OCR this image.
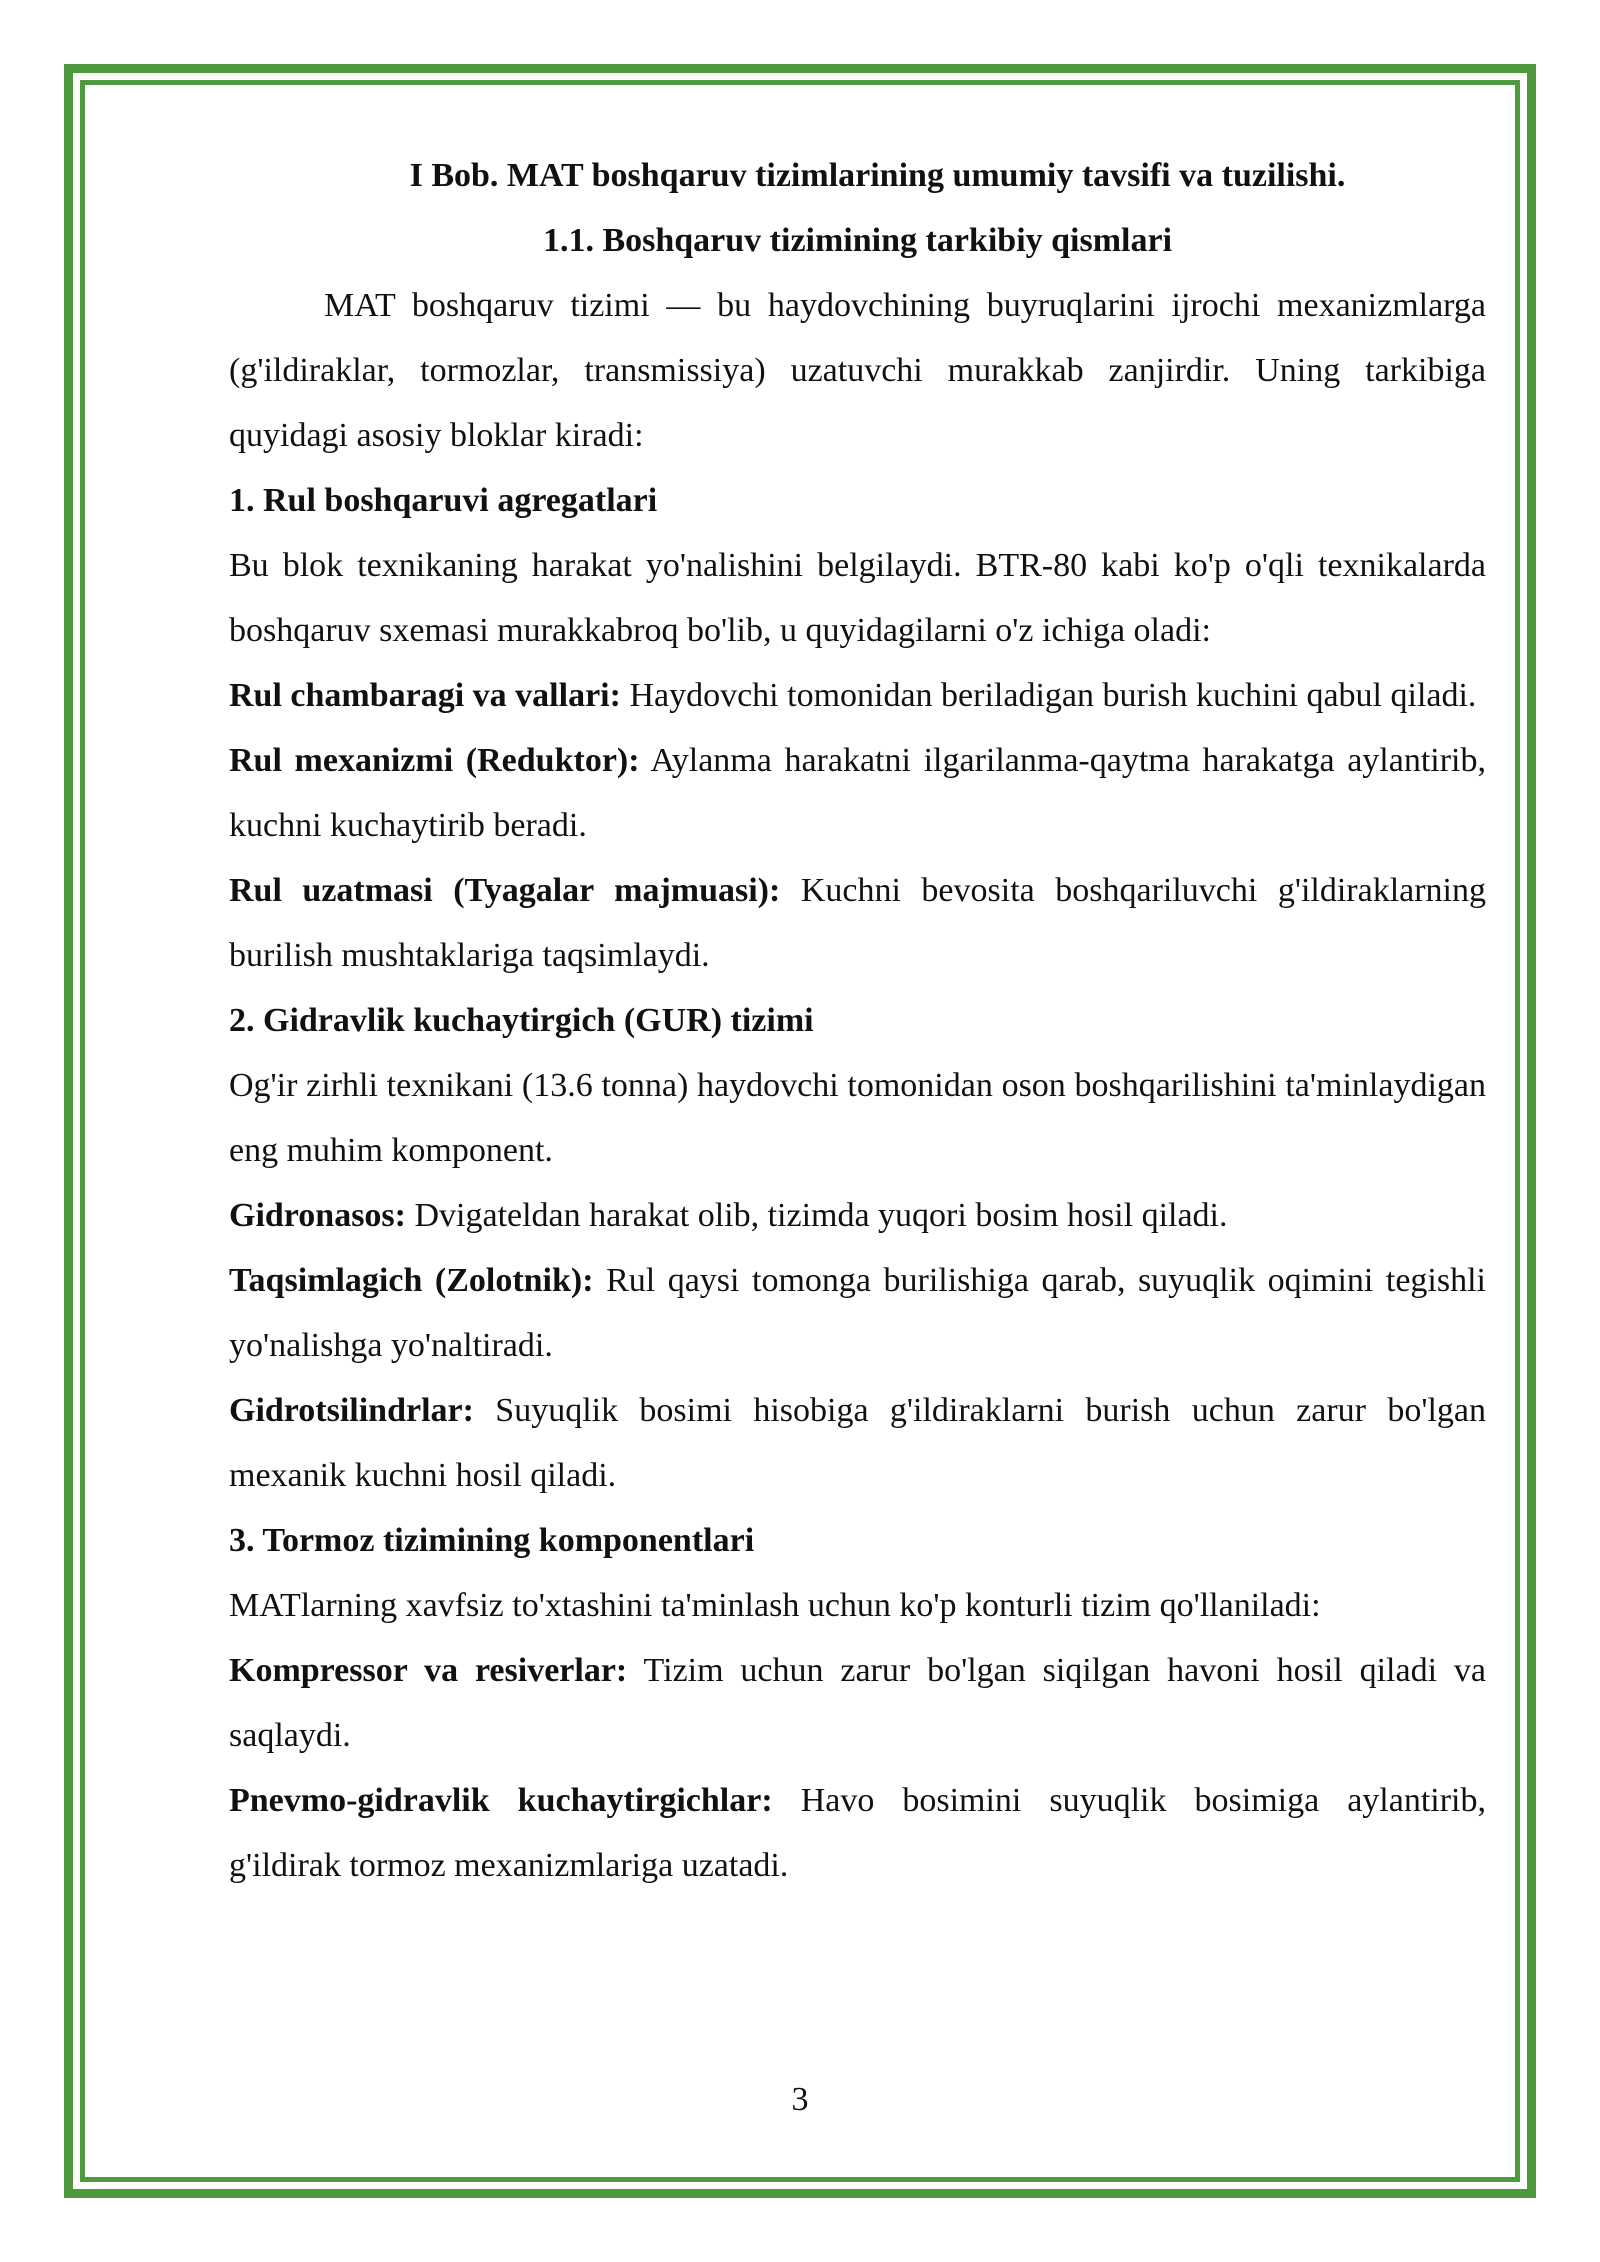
I Bob. MAT boshqaruv tizimlarining umumiy tavsifi va tuzilishi.

1.1. Boshqaruv tizimining tarkibiy qismlari

MAT boshqaruv tizimi — bu haydovchining buyruqlarini ijrochi mexanizmlarga (g'ildiraklar, tormozlar, transmissiya) uzatuvchi murakkab zanjirdir. Uning tarkibiga quyidagi asosiy bloklar kiradi:

1. Rul boshqaruvi agregatlari

Bu blok texnikaning harakat yo'nalishini belgilaydi. BTR-80 kabi ko'p o'qli texnikalarda boshqaruv sxemasi murakkabroq bo'lib, u quyidagilarni o'z ichiga oladi:

Rul chambaragi va vallari: Haydovchi tomonidan beriladigan burish kuchini qabul qiladi.

Rul mexanizmi (Reduktor): Aylanma harakatni ilgarilanma-qaytma harakatga aylantirib, kuchni kuchaytirib beradi.

Rul uzatmasi (Tyagalar majmuasi): Kuchni bevosita boshqariluvchi g'ildiraklarning burilish mushtaklariga taqsimlaydi.

2. Gidravlik kuchaytirgich (GUR) tizimi

Og'ir zirhli texnikani (13.6 tonna) haydovchi tomonidan oson boshqarilishini ta'minlaydigan eng muhim komponent.

Gidronasos: Dvigateldan harakat olib, tizimda yuqori bosim hosil qiladi.

Taqsimlagich (Zolotnik): Rul qaysi tomonga burilishiga qarab, suyuqlik oqimini tegishli yo'nalishga yo'naltiradi.

Gidrotsilindrlar: Suyuqlik bosimi hisobiga g'ildiraklarni burish uchun zarur bo'lgan mexanik kuchni hosil qiladi.

3. Tormoz tizimining komponentlari

MATlarning xavfsiz to'xtashini ta'minlash uchun ko'p konturli tizim qo'llaniladi:

Kompressor va resiverlar: Tizim uchun zarur bo'lgan siqilgan havoni hosil qiladi va saqlaydi.

Pnevmo-gidravlik kuchaytirgichlar: Havo bosimini suyuqlik bosimiga aylantirib, g'ildirak tormoz mexanizmlariga uzatadi.

3
